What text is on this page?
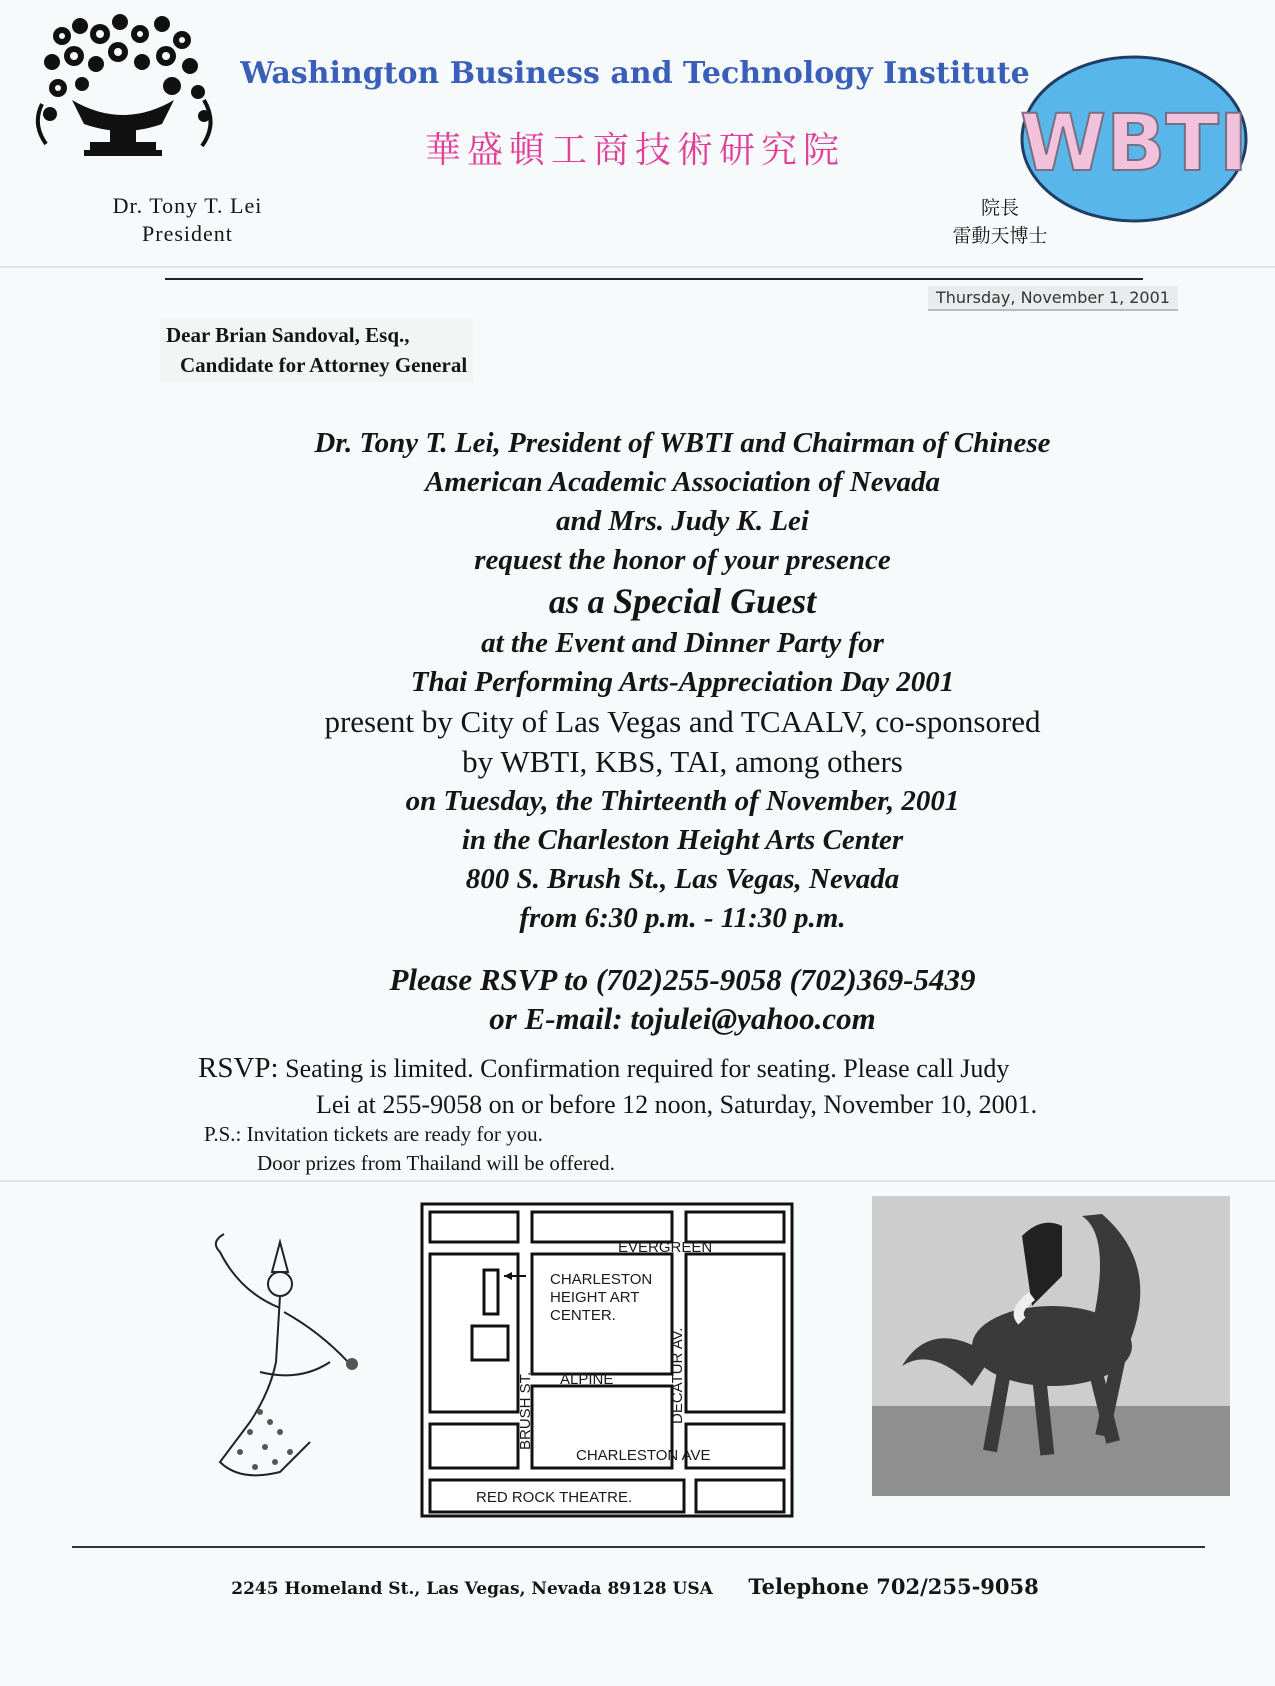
Washington Business and Technology Institute
華盛頓工商技術研究院	WBTI
Dr. Tony T. Lei
President
院長
雷動天博士
Thursday, November 1, 2001
Dear Brian Sandoval, Esq.,
Candidate for Attorney General

Dr. Tony T. Lei, President of WBTI and Chairman of Chinese

American Academic Association of Nevada

and Mrs. Judy K. Lei

request the honor of your presence

as a Special Guest

at the Event and Dinner Party for

Thai Performing Arts-Appreciation Day 2001

present by City of Las Vegas and TCAALV, co-sponsored

by WBTI, KBS, TAI, among others

on Tuesday, the Thirteenth of November, 2001

in the Charleston Height Arts Center

800 S. Brush St., Las Vegas, Nevada

from 6:30 p.m. - 11:30 p.m.

Please RSVP to (702)255-9058 (702)369-5439

or E-mail: tojulei@yahoo.com

RSVP: Seating is limited. Confirmation required for seating. Please call Judy
Lei at 255-9058 on or before 12 noon, Saturday, November 10, 2001.
P.S.: Invitation tickets are ready for you.
Door prizes from Thailand will be offered.
EVERGREEN
CHARLESTON
HEIGHT ART
CENTER.
ALPINE
BRUSH ST.	DECATUR AV.
CHARLESTON AVE
RED ROCK THEATRE.
2245 Homeland St., Las Vegas, Nevada 89128 USA Telephone 702/255-9058
